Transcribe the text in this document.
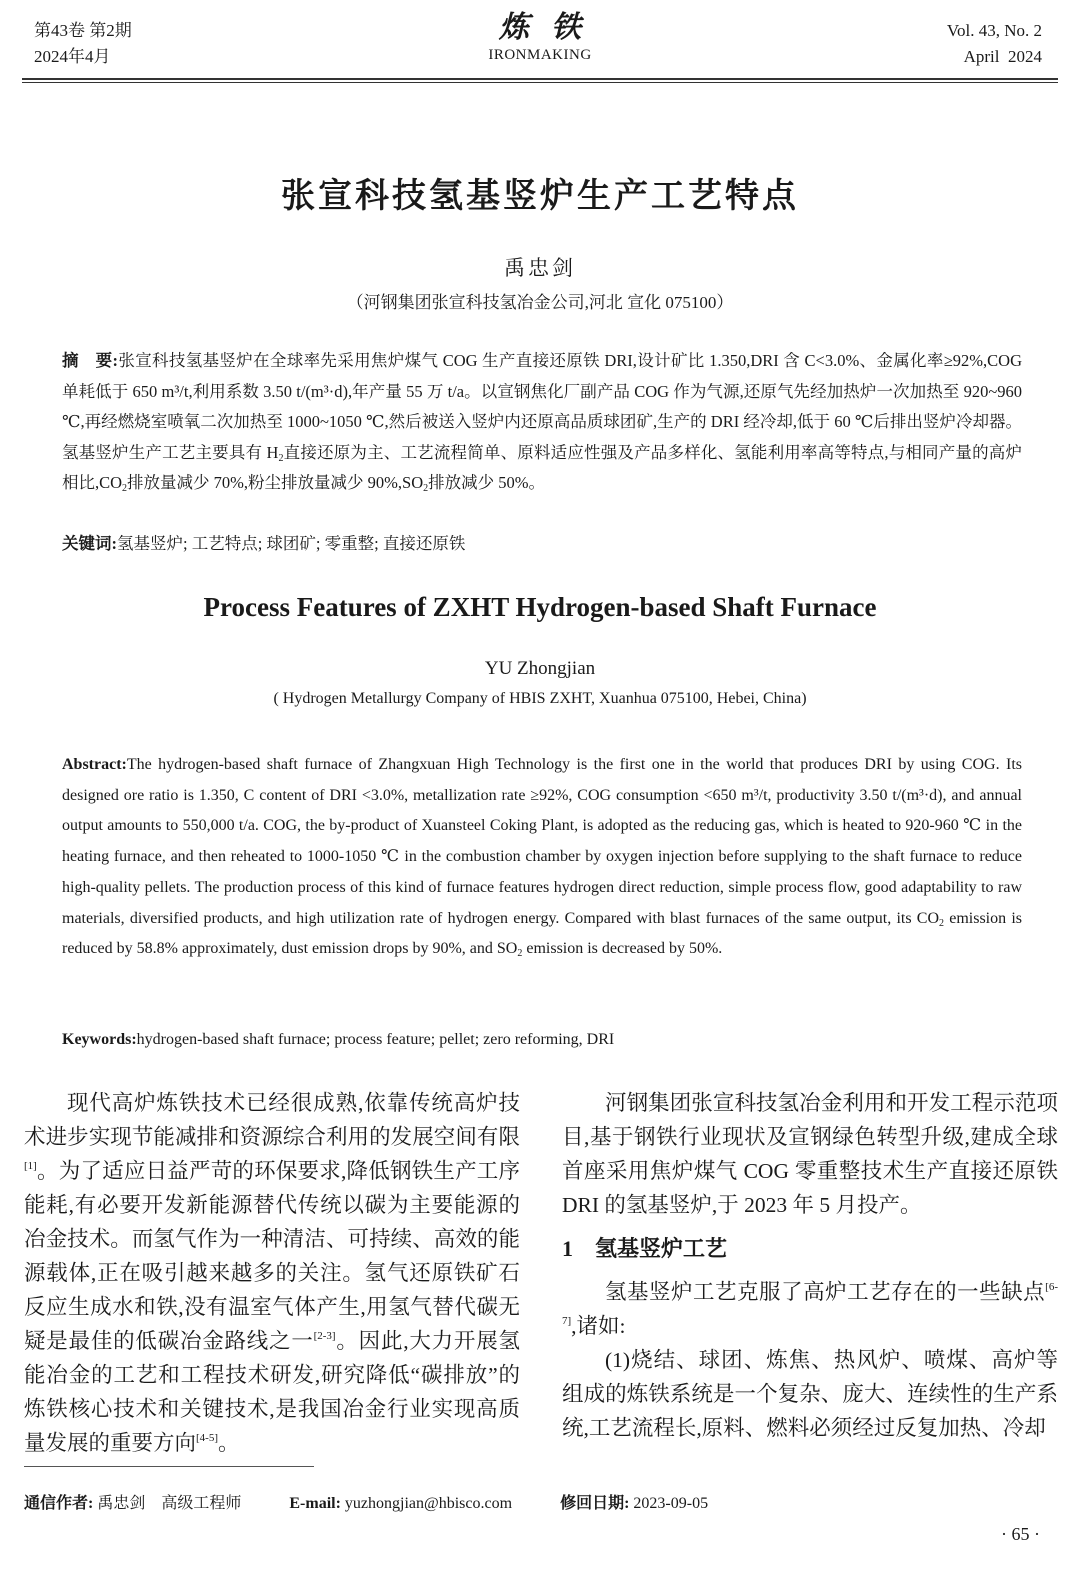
第43卷 第2期
2024年4月
炼铁
IRONMAKING
Vol. 43, No. 2
April  2024
张宣科技氢基竖炉生产工艺特点
禹忠剑
（河钢集团张宣科技氢冶金公司,河北 宣化 075100）
摘　要:张宣科技氢基竖炉在全球率先采用焦炉煤气 COG 生产直接还原铁 DRI,设计矿比 1.350,DRI 含 C<3.0%、金属化率≥92%,COG 单耗低于 650 m³/t,利用系数 3.50 t/(m³·d),年产量 55 万 t/a。以宣钢焦化厂副产品 COG 作为气源,还原气先经加热炉一次加热至 920~960 ℃,再经燃烧室喷氧二次加热至 1000~1050 ℃,然后被送入竖炉内还原高品质球团矿,生产的 DRI 经冷却,低于 60 ℃后排出竖炉冷却器。氢基竖炉生产工艺主要具有 $H_2$直接还原为主、工艺流程简单、原料适应性强及产品多样化、氢能利用率高等特点,与相同产量的高炉相比$,CO_2$排放量减少 70%,粉尘排放量减少 $90\%,SO_2$排放减少 50%。
关键词:氢基竖炉; 工艺特点; 球团矿; 零重整; 直接还原铁
Process Features of ZXHT Hydrogen-based Shaft Furnace
YU Zhongjian
( Hydrogen Metallurgy Company of HBIS ZXHT, Xuanhua 075100, Hebei, China)
Abstract:The hydrogen-based shaft furnace of Zhangxuan High Technology is the first one in the world that produces DRI by using COG. Its designed ore ratio is 1.350, C content of DRI <3.0%, metallization rate ≥92%, COG consumption <650 m³/t, productivity 3.50 t/(m³·d), and annual output amounts to 550,000 t/a. COG, the by-product of Xuansteel Coking Plant, is adopted as the reducing gas, which is heated to 920-960 ℃ in the heating furnace, and then reheated to 1000-1050 ℃ in the combustion chamber by oxygen injection before supplying to the shaft furnace to reduce high-quality pellets. The production process of this kind of furnace features hydrogen direct reduction, simple process flow, good adaptability to raw materials, diversified products, and high utilization rate of hydrogen energy. Compared with blast furnaces of the same output, its $CO_2$ emission is reduced by 58.8% approximately, dust emission drops by 90%, and $SO_2$ emission is decreased by 50%.
Keywords:hydrogen-based shaft furnace; process feature; pellet; zero reforming, DRI

现代高炉炼铁技术已经很成熟,依靠传统高炉技术进步实现节能减排和资源综合利用的发展空间有限[1]。为了适应日益严苛的环保要求,降低钢铁生产工序能耗,有必要开发新能源替代传统以碳为主要能源的冶金技术。而氢气作为一种清洁、可持续、高效的能源载体,正在吸引越来越多的关注。氢气还原铁矿石反应生成水和铁,没有温室气体产生,用氢气替代碳无疑是最佳的低碳冶金路线之一[2-3]。因此,大力开展氢能冶金的工艺和工程技术研发,研究降低“碳排放”的炼铁核心技术和关键技术,是我国冶金行业实现高质量发展的重要方向[4-5]。

河钢集团张宣科技氢冶金利用和开发工程示范项目,基于钢铁行业现状及宣钢绿色转型升级,建成全球首座采用焦炉煤气 COG 零重整技术生产直接还原铁 DRI 的氢基竖炉,于 2023 年 5 月投产。

1 氢基竖炉工艺

氢基竖炉工艺克服了高炉工艺存在的一些缺点[6-7],诸如:

(1)烧结、球团、炼焦、热风炉、喷煤、高炉等组成的炼铁系统是一个复杂、庞大、连续性的生产系统,工艺流程长,原料、燃料必须经过反复加热、冷却

通信作者: 禹忠剑　高级工程师	E-mail: yuzhongjian@hbisco.com	修回日期: 2023-09-05
· 65 ·
